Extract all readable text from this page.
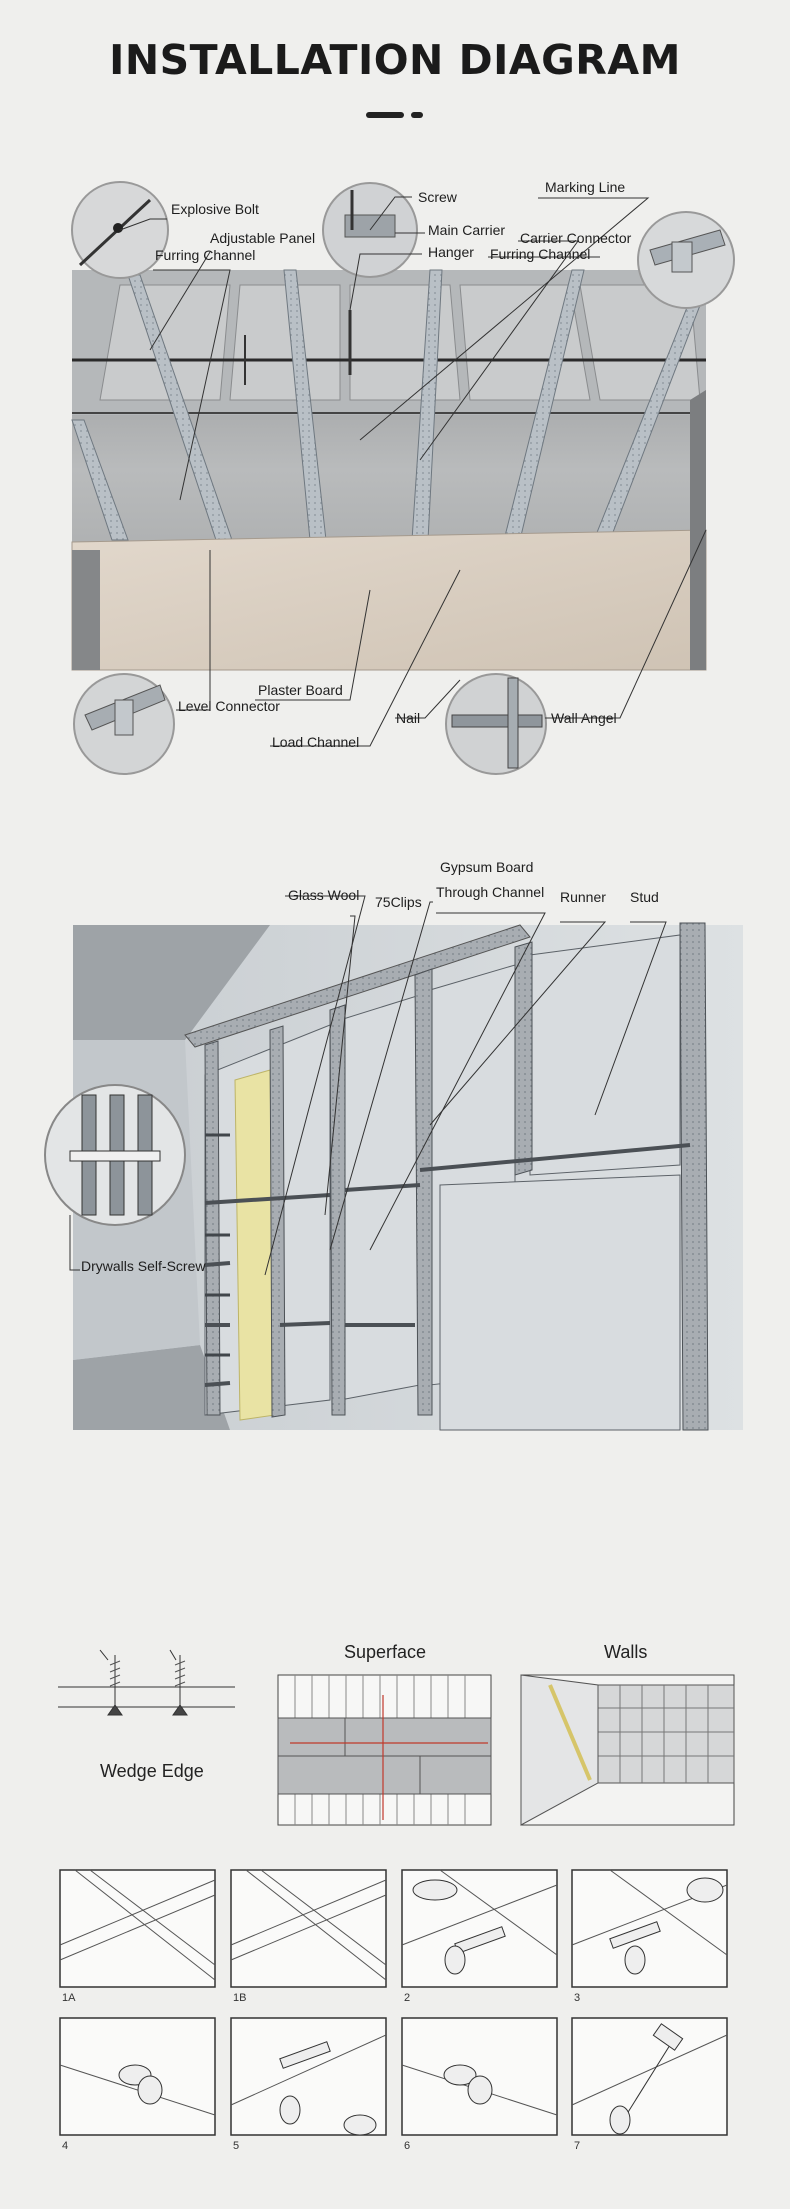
INSTALLATION DIAGRAM
Explosive Bolt
Adjustable Panel
Furring Channel
Screw
Main Carrier
Hanger
Marking Line
Carrier Connector
Furring Channel
Plaster Board
Level Connector
Load Channel
Nail	Wall Angel
Gypsum Board
Glass Wool 75Clips
Through Channel Runner Stud
Drywalls Self-Screw
Wedge Edge
Superface	Walls
1A	1B	2	3
4	5	6	7
